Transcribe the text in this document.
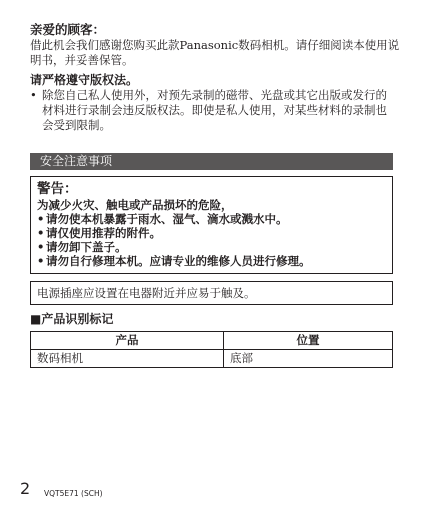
亲爱的顾客：
借此机会我们感谢您购买此款Panasonic数码相机。请仔细阅读本使用说明书，并妥善保管。
请严格遵守版权法。
• 除您自己私人使用外，对预先录制的磁带、光盘或其它出版或发行的材料进行录制会违反版权法。即使是私人使用，对某些材料的录制也会受到限制。
安全注意事项
警告：
为减少火灾、触电或产品损坏的危险，
• 请勿使本机暴露于雨水、湿气、滴水或溅水中。
• 请仅使用推荐的附件。
• 请勿卸下盖子。
• 请勿自行修理本机。应请专业的维修人员进行修理。
电源插座应设置在电器附近并应易于触及。
■产品识别标记
产品	位置
数码相机	底部
2 VQT5E71 (SCH)
